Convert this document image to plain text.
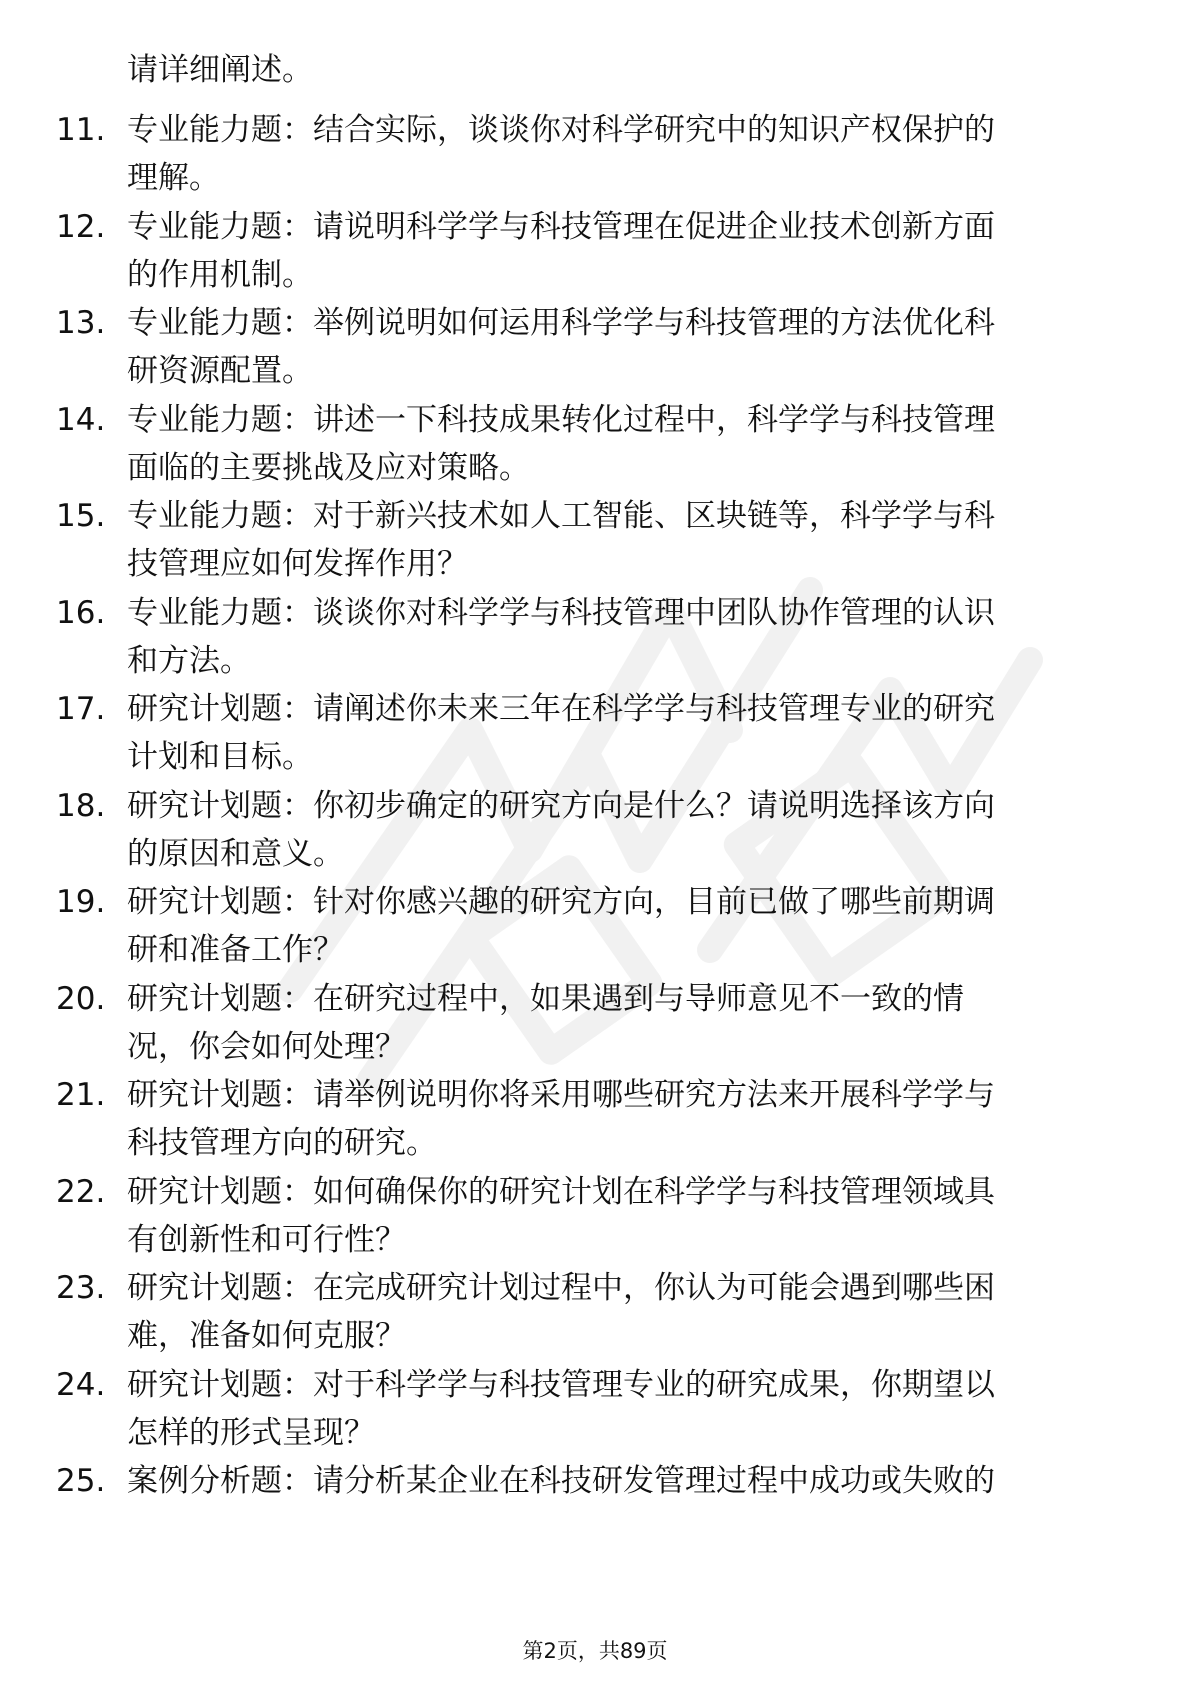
请详细阐述。
11. 专业能力题：结合实际，谈谈你对科学研究中的知识产权保护的
理解。
12. 专业能力题：请说明科学学与科技管理在促进企业技术创新方面
的作用机制。
13. 专业能力题：举例说明如何运用科学学与科技管理的方法优化科
研资源配置。
14. 专业能力题：讲述一下科技成果转化过程中，科学学与科技管理
面临的主要挑战及应对策略。
15. 专业能力题：对于新兴技术如人工智能、区块链等，科学学与科
技管理应如何发挥作用？
16. 专业能力题：谈谈你对科学学与科技管理中团队协作管理的认识
和方法。
17. 研究计划题：请阐述你未来三年在科学学与科技管理专业的研究
计划和目标。
18. 研究计划题：你初步确定的研究方向是什么？请说明选择该方向
的原因和意义。
19. 研究计划题：针对你感兴趣的研究方向，目前已做了哪些前期调
研和准备工作？
20. 研究计划题：在研究过程中，如果遇到与导师意见不一致的情
况，你会如何处理？
21. 研究计划题：请举例说明你将采用哪些研究方法来开展科学学与
科技管理方向的研究。
22. 研究计划题：如何确保你的研究计划在科学学与科技管理领域具
有创新性和可行性？
23. 研究计划题：在完成研究计划过程中，你认为可能会遇到哪些困
难，准备如何克服？
24. 研究计划题：对于科学学与科技管理专业的研究成果，你期望以
怎样的形式呈现？
25. 案例分析题：请分析某企业在科技研发管理过程中成功或失败的
第2页，共89页
